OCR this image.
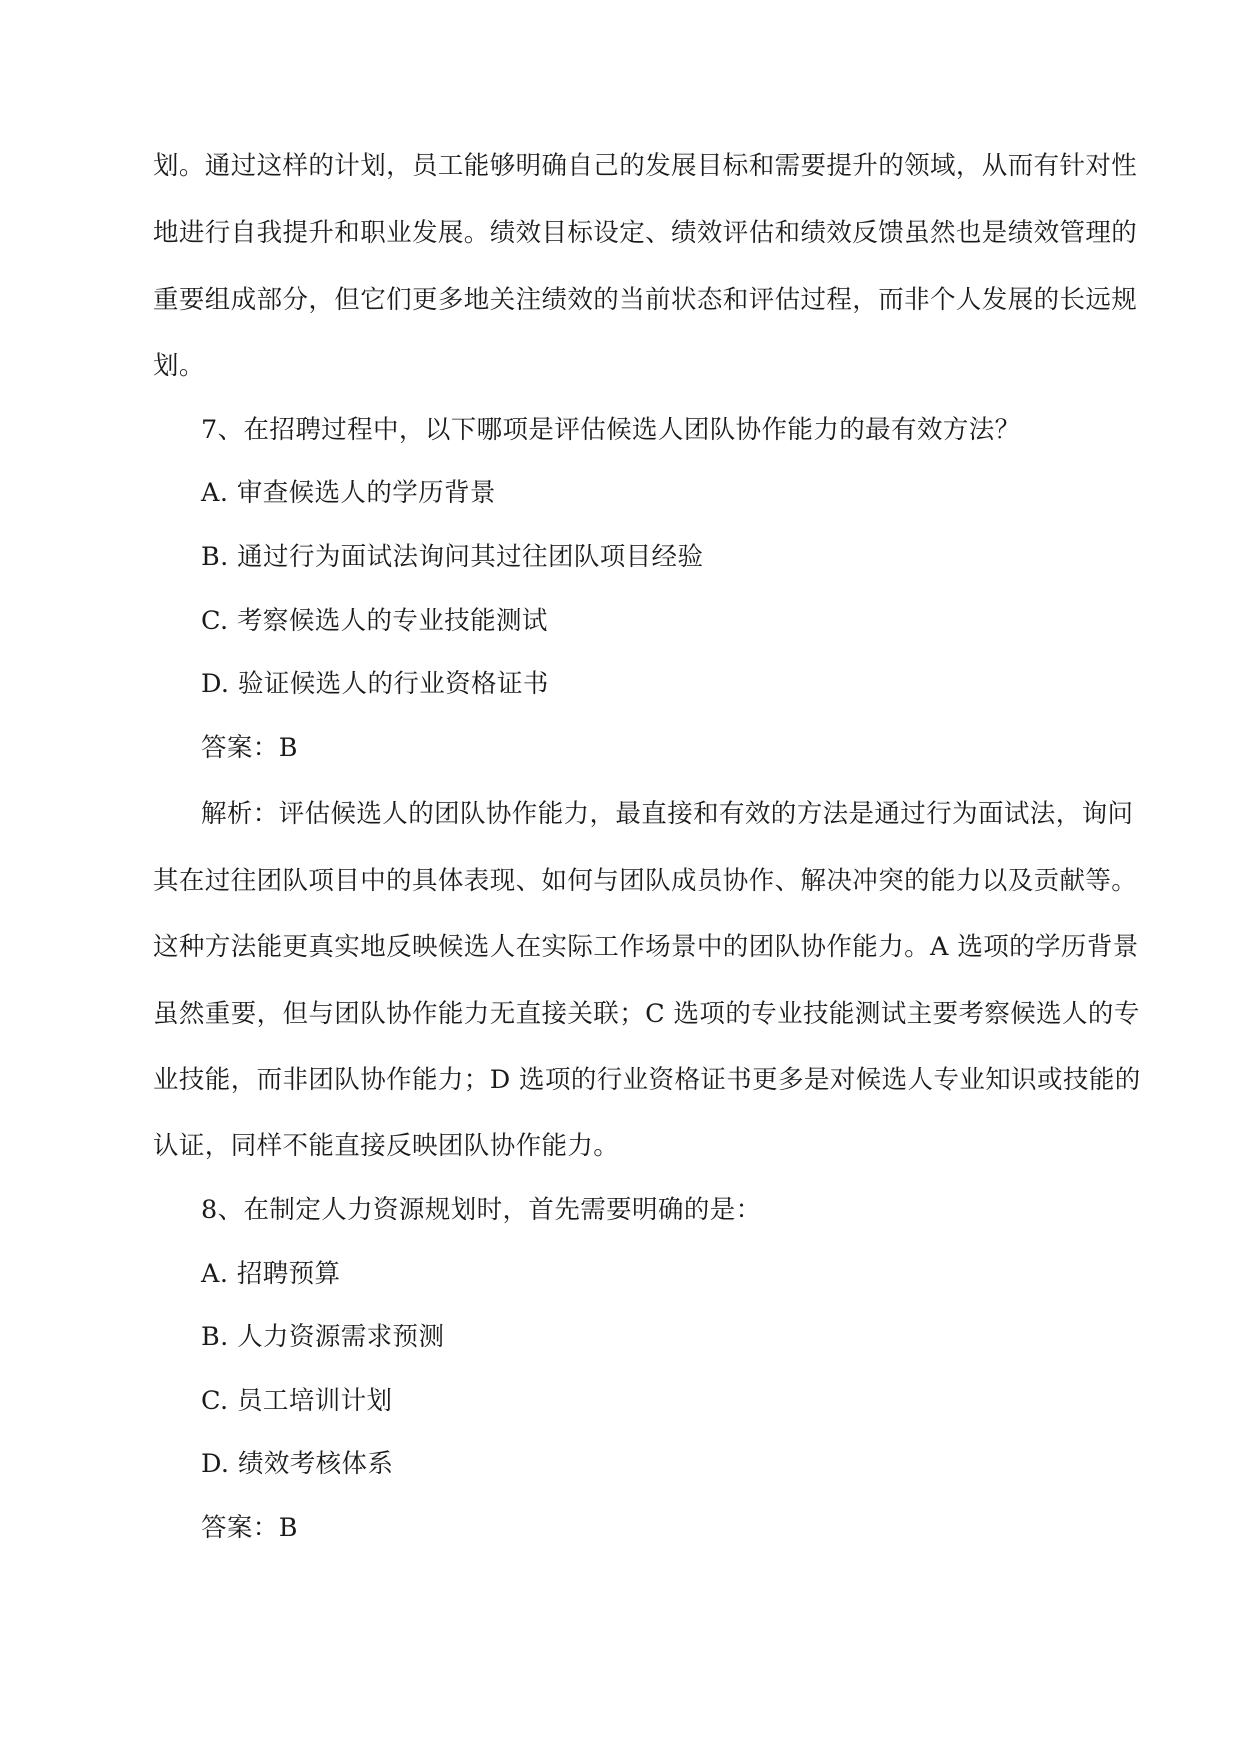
划。通过这样的计划，员工能够明确自己的发展目标和需要提升的领域，从而有针对性
地进行自我提升和职业发展。绩效目标设定、绩效评估和绩效反馈虽然也是绩效管理的
重要组成部分，但它们更多地关注绩效的当前状态和评估过程，而非个人发展的长远规
划。
7、在招聘过程中，以下哪项是评估候选人团队协作能力的最有效方法？
A. 审查候选人的学历背景
B. 通过行为面试法询问其过往团队项目经验
C. 考察候选人的专业技能测试
D. 验证候选人的行业资格证书
答案：B
解析：评估候选人的团队协作能力，最直接和有效的方法是通过行为面试法，询问
其在过往团队项目中的具体表现、如何与团队成员协作、解决冲突的能力以及贡献等。
这种方法能更真实地反映候选人在实际工作场景中的团队协作能力。A 选项的学历背景
虽然重要，但与团队协作能力无直接关联；C 选项的专业技能测试主要考察候选人的专
业技能，而非团队协作能力；D 选项的行业资格证书更多是对候选人专业知识或技能的
认证，同样不能直接反映团队协作能力。
8、在制定人力资源规划时，首先需要明确的是：
A. 招聘预算
B. 人力资源需求预测
C. 员工培训计划
D. 绩效考核体系
答案：B
